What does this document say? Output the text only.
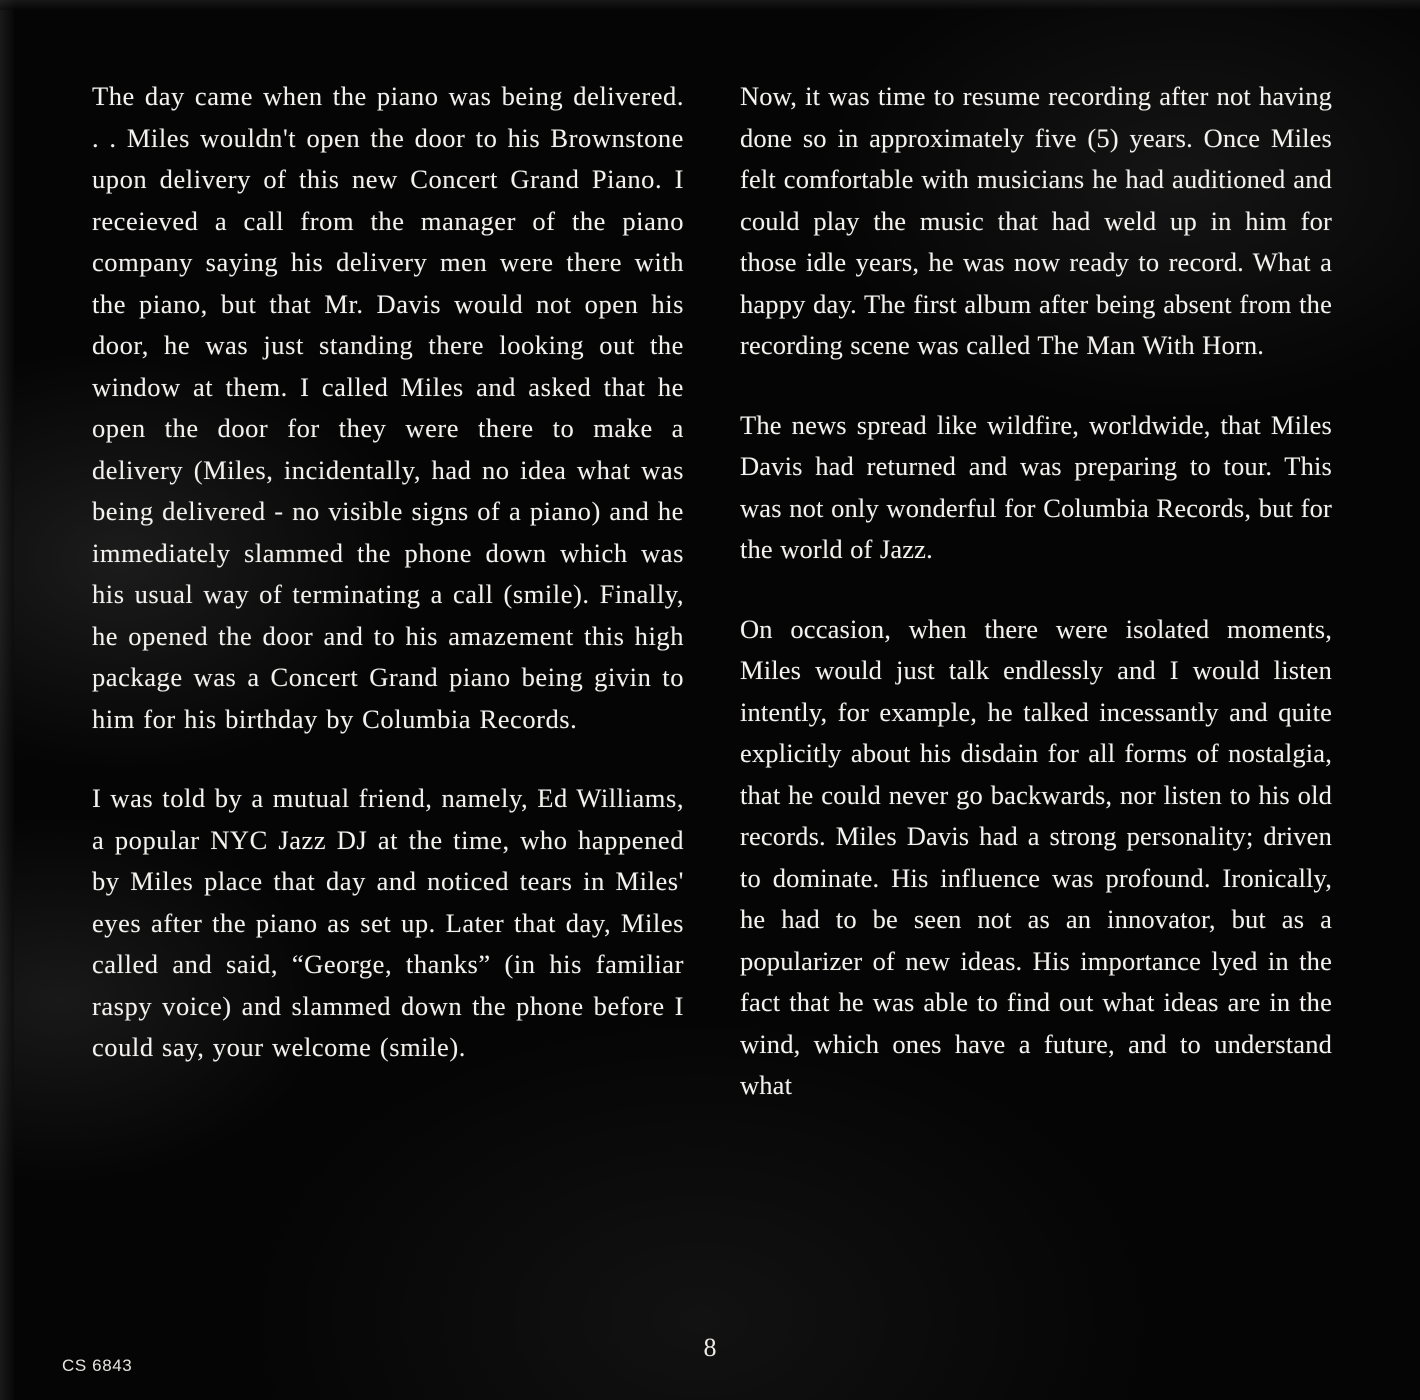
The day came when the piano was being delivered. . . Miles wouldn't open the door to his Brownstone upon delivery of this new Concert Grand Piano. I receieved a call from the manager of the piano company saying his delivery men were there with the piano, but that Mr. Davis would not open his door, he was just standing there looking out the window at them. I called Miles and asked that he open the door for they were there to make a delivery (Miles, incidentally, had no idea what was being delivered - no visible signs of a piano) and he immediately slammed the phone down which was his usual way of terminating a call (smile). Finally, he opened the door and to his amazement this high package was a Concert Grand piano being givin to him for his birthday by Columbia Records.

I was told by a mutual friend, namely, Ed Williams, a popular NYC Jazz DJ at the time, who happened by Miles place that day and noticed tears in Miles' eyes after the piano as set up. Later that day, Miles called and said, “George, thanks” (in his familiar raspy voice) and slammed down the phone before I could say, your welcome (smile).

Now, it was time to resume recording after not having done so in approximately five (5) years. Once Miles felt comfortable with musicians he had auditioned and could play the music that had weld up in him for those idle years, he was now ready to record. What a happy day. The first album after being absent from the recording scene was called The Man With Horn.

The news spread like wildfire, worldwide, that Miles Davis had returned and was preparing to tour. This was not only wonderful for Columbia Records, but for the world of Jazz.

On occasion, when there were isolated moments, Miles would just talk endlessly and I would listen intently, for example, he talked incessantly and quite explicitly about his disdain for all forms of nostalgia, that he could never go backwards, nor listen to his old records. Miles Davis had a strong personality; driven to dominate. His influence was profound. Ironically, he had to be seen not as an innovator, but as a popularizer of new ideas. His importance lyed in the fact that he was able to find out what ideas are in the wind, which ones have a future, and to understand what

8
CS 6843
